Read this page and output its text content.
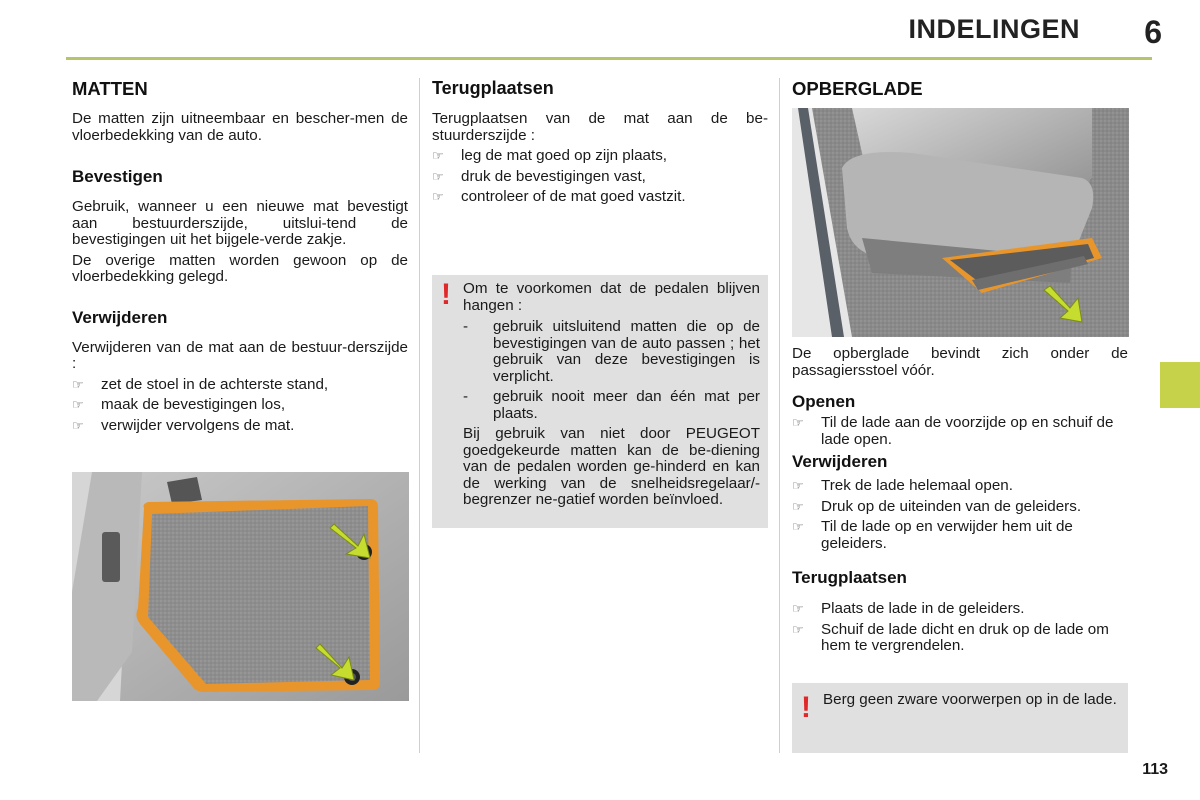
INDELINGEN 6
MATTEN

De matten zijn uitneembaar en bescher-men de vloerbedekking van de auto.

Bevestigen

Gebruik, wanneer u een nieuwe mat bevestigt aan bestuurderszijde, uitslui-tend de bevestigingen uit het bijgele-verde zakje.

De overige matten worden gewoon op de vloerbedekking gelegd.

Verwijderen

Verwijderen van de mat aan de bestuur-derszijde :

☞ zet de stoel in de achterste stand,
☞ maak de bevestigingen los,
☞ verwijder vervolgens de mat.
Terugplaatsen

Terugplaatsen van de mat aan de be-stuurderszijde :

☞ leg de mat goed op zijn plaats,
☞ druk de bevestigingen vast,
☞ controleer of de mat goed vastzit.
! Om te voorkomen dat de pedalen blijven hangen :

- gebruik uitsluitend matten die op de bevestigingen van de auto passen ; het gebruik van deze bevestigingen is verplicht.
- gebruik nooit meer dan één mat per plaats.

Bij gebruik van niet door PEUGEOT goedgekeurde matten kan de be-diening van de pedalen worden ge-hinderd en kan de werking van de snelheidsregelaar/-begrenzer ne-gatief worden beïnvloed.

OPBERGLADE

De opberglade bevindt zich onder de passagiersstoel vóór.

Openen
☞ Til de lade aan de voorzijde op en schuif de lade open.
Verwijderen
☞ Trek de lade helemaal open.
☞ Druk op de uiteinden van de geleiders.
☞ Til de lade op en verwijder hem uit de geleiders.
Terugplaatsen
☞ Plaats de lade in de geleiders.
☞ Schuif de lade dicht en druk op de lade om hem te vergrendelen.
! Berg geen zware voorwerpen op in de lade.

113
